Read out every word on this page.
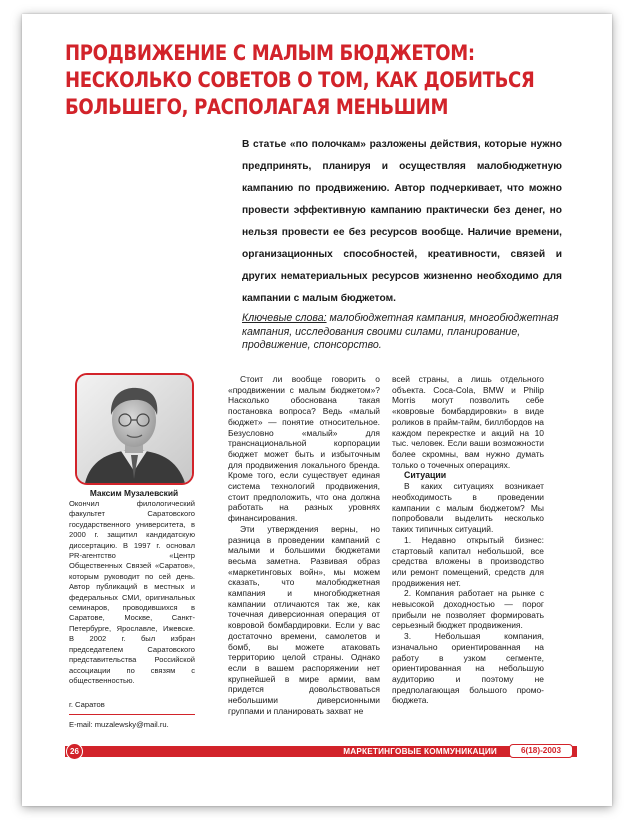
ПРОДВИЖЕНИЕ С МАЛЫМ БЮДЖЕТОМ:
НЕСКОЛЬКО СОВЕТОВ О ТОМ, КАК ДОБИТЬСЯ
БОЛЬШЕГО, РАСПОЛАГАЯ МЕНЬШИМ

В статье «по полочкам» разложены действия, которые нужно предпринять, планируя и осуществляя малобюджетную кампанию по продвижению. Автор подчеркивает, что можно провести эффективную кампанию практически без денег, но нельзя провести ее без ресурсов вообще. Наличие времени, организационных способностей, креативности, связей и других нематериальных ресурсов жизненно необходимо для кампании с малым бюджетом.

Ключевые слова: малобюджетная кампания, многобюджетная кампания, исследования своими силами, планирование, продвижение, спонсорство.

Максим Музалевский

Окончил филологический факультет Саратовского государственного университета, в 2000 г. защитил кандидатскую диссертацию. В 1997 г. основал PR-агентство «Центр Общественных Связей «Саратов», которым руководит по сей день. Автор публикаций в местных и федеральных СМИ, оригинальных семинаров, проводившихся в Саратове, Москве, Санкт-Петербурге, Ярославле, Ижевске. В 2002 г. был избран председателем Саратовского представительства Российской ассоциации по связям с общественностью.

г. Саратов

E-mail: muzalewsky@mail.ru.

Стоит ли вообще говорить о «продвижении с малым бюджетом»? Насколько обоснована такая постановка вопроса? Ведь «малый бюджет» — понятие относительное. Безусловно «малый» для транснациональной корпорации бюджет может быть и избыточным для продвижения локального бренда. Кроме того, если существует единая система технологий продвижения, стоит предположить, что она должна работать на разных уровнях финансирования.

Эти утверждения верны, но разница в проведении кампаний с малыми и большими бюджетами весьма заметна. Развивая образ «маркетинговых войн», мы можем сказать, что малобюджетная кампания и многобюджетная кампании отличаются так же, как точечная диверсионная операция от ковровой бомбардировки. Если у вас достаточно времени, самолетов и бомб, вы можете атаковать территорию целой страны. Однако если в вашем распоряжении нет крупнейшей в мире армии, вам придется довольствоваться небольшими диверсионными группами и планировать захват не

всей страны, а лишь отдельного объекта. Coca-Cola, BMW и Philip Morris могут позволить себе «ковровые бомбардировки» в виде роликов в прайм-тайм, биллбордов на каждом перекрестке и акций на 10 тыс. человек. Если ваши возможности более скромны, вам нужно думать только о точечных операциях.

Ситуации

В каких ситуациях возникает необходимость в проведении кампании с малым бюджетом? Мы попробовали выделить несколько таких типичных ситуаций.

1. Недавно открытый бизнес: стартовый капитал небольшой, все средства вложены в производство или ремонт помещений, средств для продвижения нет.

2. Компания работает на рынке с невысокой доходностью — порог прибыли не позволяет формировать серьезный бюджет продвижения.

3. Небольшая компания, изначально ориентированная на работу в узком сегменте, ориентированная на небольшую аудиторию и поэтому не предполагающая большого промо-бюджета.

26	МАРКЕТИНГОВЫЕ КОММУНИКАЦИИ	6(18)-2003
